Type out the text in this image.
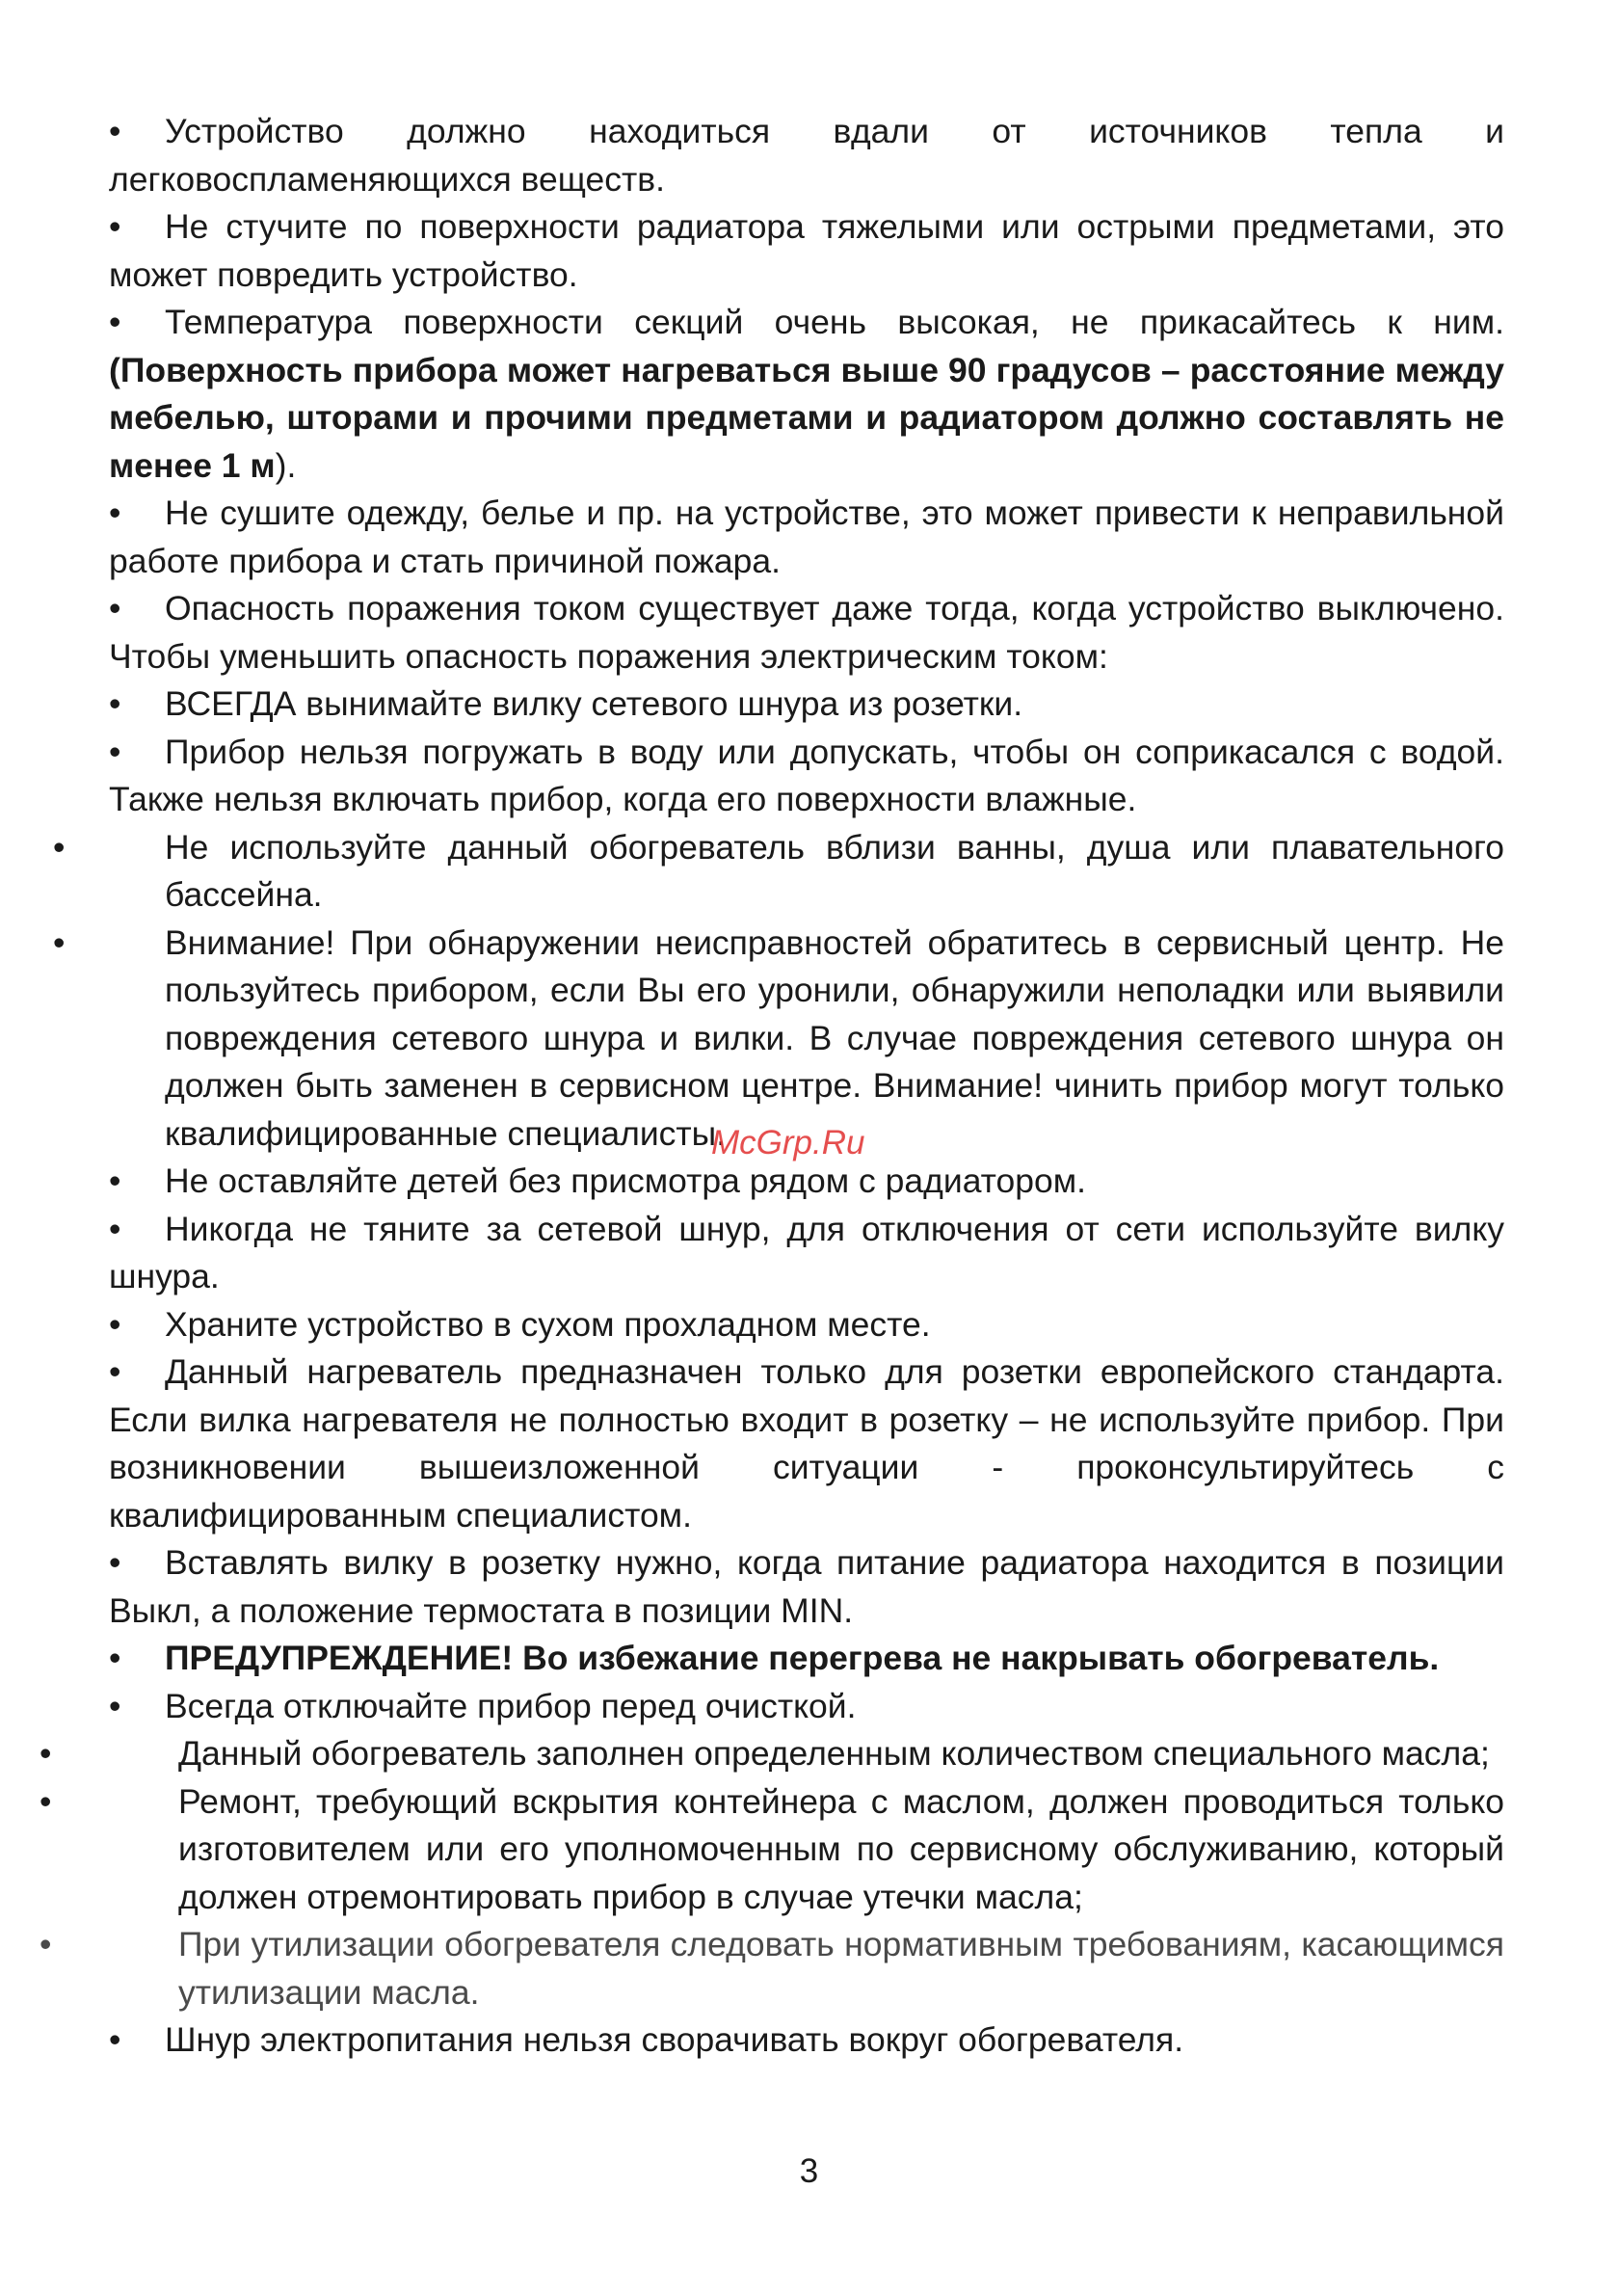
• Устройство должно находиться вдали от источников тепла и легковоспламеняющихся веществ.

• Не стучите по поверхности радиатора тяжелыми или острыми предметами, это может повредить устройство.

• Температура поверхности секций очень высокая, не прикасайтесь к ним. (Поверхность прибора может нагреваться выше 90 градусов – расстояние между мебелью, шторами и прочими предметами и радиатором должно составлять не менее 1 м).

• Не сушите одежду, белье и пр. на устройстве, это может привести к неправильной работе прибора и стать причиной пожара.

• Опасность поражения током существует даже тогда, когда устройство выключено. Чтобы уменьшить опасность поражения электрическим током:

• ВСЕГДА вынимайте вилку сетевого шнура из розетки.

• Прибор нельзя погружать в воду или допускать, чтобы он соприкасался с водой. Также нельзя включать прибор, когда его поверхности влажные.

•	Не используйте данный обогреватель вблизи ванны, душа или плавательного бассейна.

•	Внимание! При обнаружении неисправностей обратитесь в сервисный центр. Не пользуйтесь прибором, если Вы его уронили, обнаружили неполадки или выявили повреждения сетевого шнура и вилки. В случае повреждения сетевого шнура он должен быть заменен в сервисном центре. Внимание! чинить прибор могут только квалифицированные специалисты.

• Не оставляйте детей без присмотра рядом с радиатором.

• Никогда не тяните за сетевой шнур, для отключения от сети используйте вилку шнура.

• Храните устройство в сухом прохладном месте.

• Данный нагреватель предназначен только для розетки европейского стандарта. Если вилка нагревателя не полностью входит в розетку – не используйте прибор. При возникновении вышеизложенной ситуации - проконсультируйтесь с квалифицированным специалистом.

• Вставлять вилку в розетку нужно, когда питание радиатора находится в позиции Выкл, а положение термостата в позиции MIN.

• ПРЕДУПРЕЖДЕНИЕ! Во избежание перегрева не накрывать обогреватель.

• Всегда отключайте прибор перед очисткой.

•	Данный обогреватель заполнен определенным количеством специального масла;

•	Ремонт, требующий вскрытия контейнера с маслом, должен проводиться только изготовителем или его уполномоченным по сервисному обслуживанию, который должен отремонтировать прибор в случае утечки масла;

•	При утилизации обогревателя следовать нормативным требованиям, касающимся утилизации масла.

• Шнур электропитания нельзя сворачивать вокруг обогревателя.

McGrp.Ru
3
